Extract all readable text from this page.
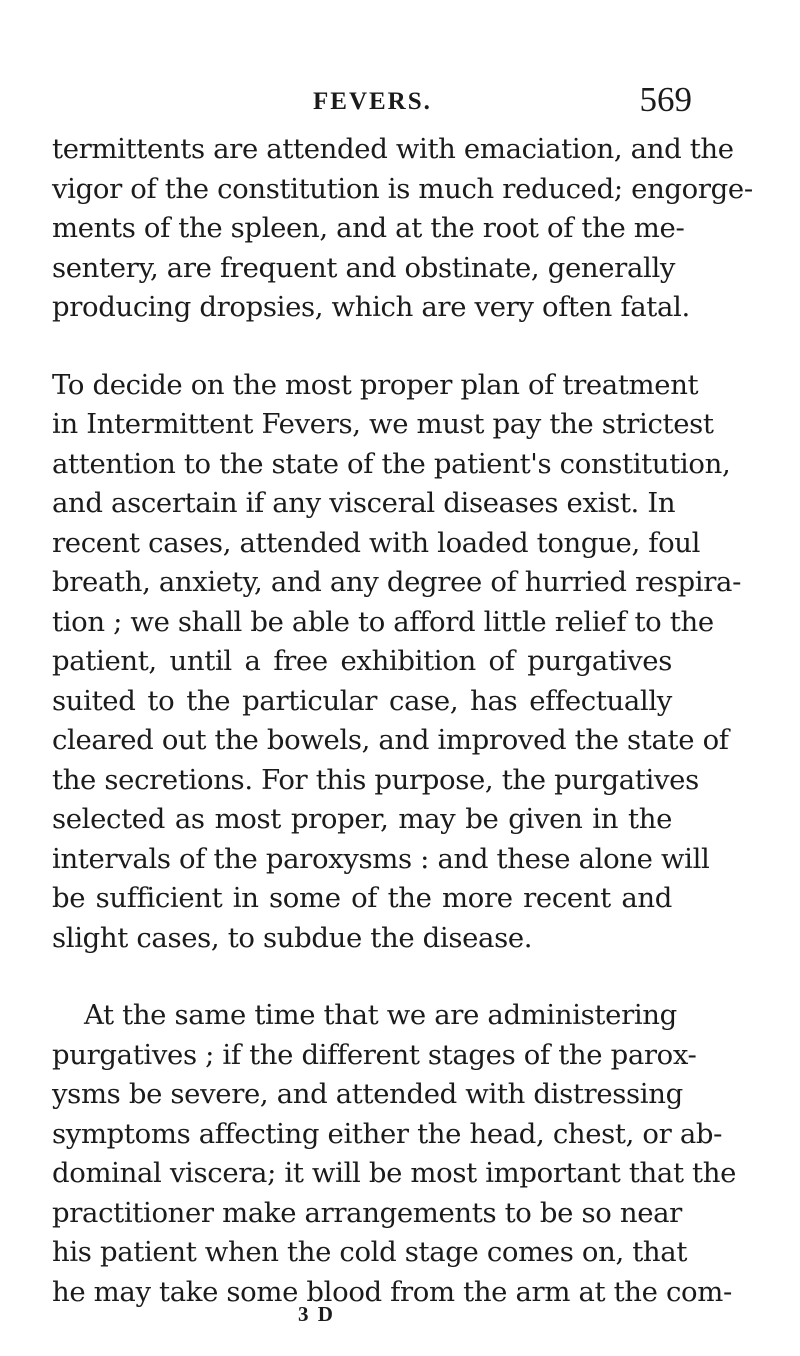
FEVERS.	569
termittents are attended with emaciation, and the
vigor of the constitution is much reduced; engorge-
ments of the spleen, and at the root of the me-
sentery, are frequent and obstinate, generally
producing dropsies, which are very often fatal.
To decide on the most proper plan of treatment
in Intermittent Fevers, we must pay the strictest
attention to the state of the patient's constitution,
and ascertain if any visceral diseases exist. In
recent cases, attended with loaded tongue, foul
breath, anxiety, and any degree of hurried respira-
tion ; we shall be able to afford little relief to the
patient, until a free exhibition of purgatives
suited to the particular case, has effectually
cleared out the bowels, and improved the state of
the secretions. For this purpose, the purgatives
selected as most proper, may be given in the
intervals of the paroxysms : and these alone will
be sufficient in some of the more recent and
slight cases, to subdue the disease.
At the same time that we are administering
purgatives ; if the different stages of the parox-
ysms be severe, and attended with distressing
symptoms affecting either the head, chest, or ab-
dominal viscera; it will be most important that the
practitioner make arrangements to be so near
his patient when the cold stage comes on, that
he may take some blood from the arm at the com-
3 D
